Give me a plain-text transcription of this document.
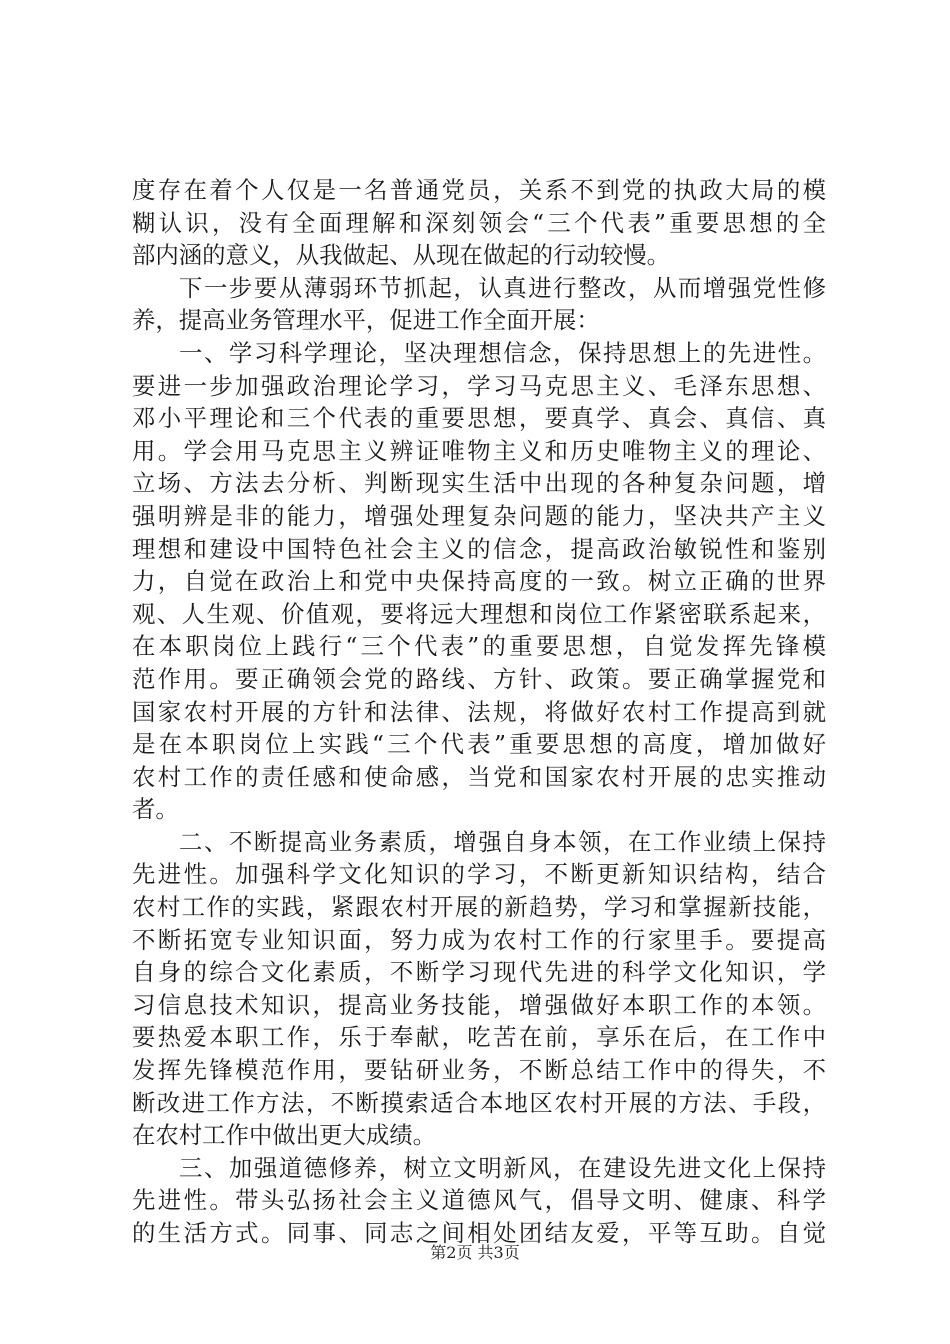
度存在着个人仅是一名普通党员，关系不到党的执政大局的模
糊认识，没有全面理解和深刻领会“三个代表”重要思想的全
部内涵的意义，从我做起、从现在做起的行动较慢。
下一步要从薄弱环节抓起，认真进行整改，从而增强党性修
养，提高业务管理水平，促进工作全面开展：
一、学习科学理论，坚决理想信念，保持思想上的先进性。
要进一步加强政治理论学习，学习马克思主义、毛泽东思想、
邓小平理论和三个代表的重要思想，要真学、真会、真信、真
用。学会用马克思主义辨证唯物主义和历史唯物主义的理论、
立场、方法去分析、判断现实生活中出现的各种复杂问题，增
强明辨是非的能力，增强处理复杂问题的能力，坚决共产主义
理想和建设中国特色社会主义的信念，提高政治敏锐性和鉴别
力，自觉在政治上和党中央保持高度的一致。树立正确的世界
观、人生观、价值观，要将远大理想和岗位工作紧密联系起来，
在本职岗位上践行“三个代表”的重要思想，自觉发挥先锋模
范作用。要正确领会党的路线、方针、政策。要正确掌握党和
国家农村开展的方针和法律、法规，将做好农村工作提高到就
是在本职岗位上实践“三个代表”重要思想的高度，增加做好
农村工作的责任感和使命感，当党和国家农村开展的忠实推动
者。
二、不断提高业务素质，增强自身本领，在工作业绩上保持
先进性。加强科学文化知识的学习，不断更新知识结构，结合
农村工作的实践，紧跟农村开展的新趋势，学习和掌握新技能，
不断拓宽专业知识面，努力成为农村工作的行家里手。要提高
自身的综合文化素质，不断学习现代先进的科学文化知识，学
习信息技术知识，提高业务技能，增强做好本职工作的本领。
要热爱本职工作，乐于奉献，吃苦在前，享乐在后，在工作中
发挥先锋模范作用，要钻研业务，不断总结工作中的得失，不
断改进工作方法，不断摸索适合本地区农村开展的方法、手段，
在农村工作中做出更大成绩。
三、加强道德修养，树立文明新风，在建设先进文化上保持
先进性。带头弘扬社会主义道德风气，倡导文明、健康、科学
的生活方式。同事、同志之间相处团结友爱，平等互助。自觉
第2页 共3页
